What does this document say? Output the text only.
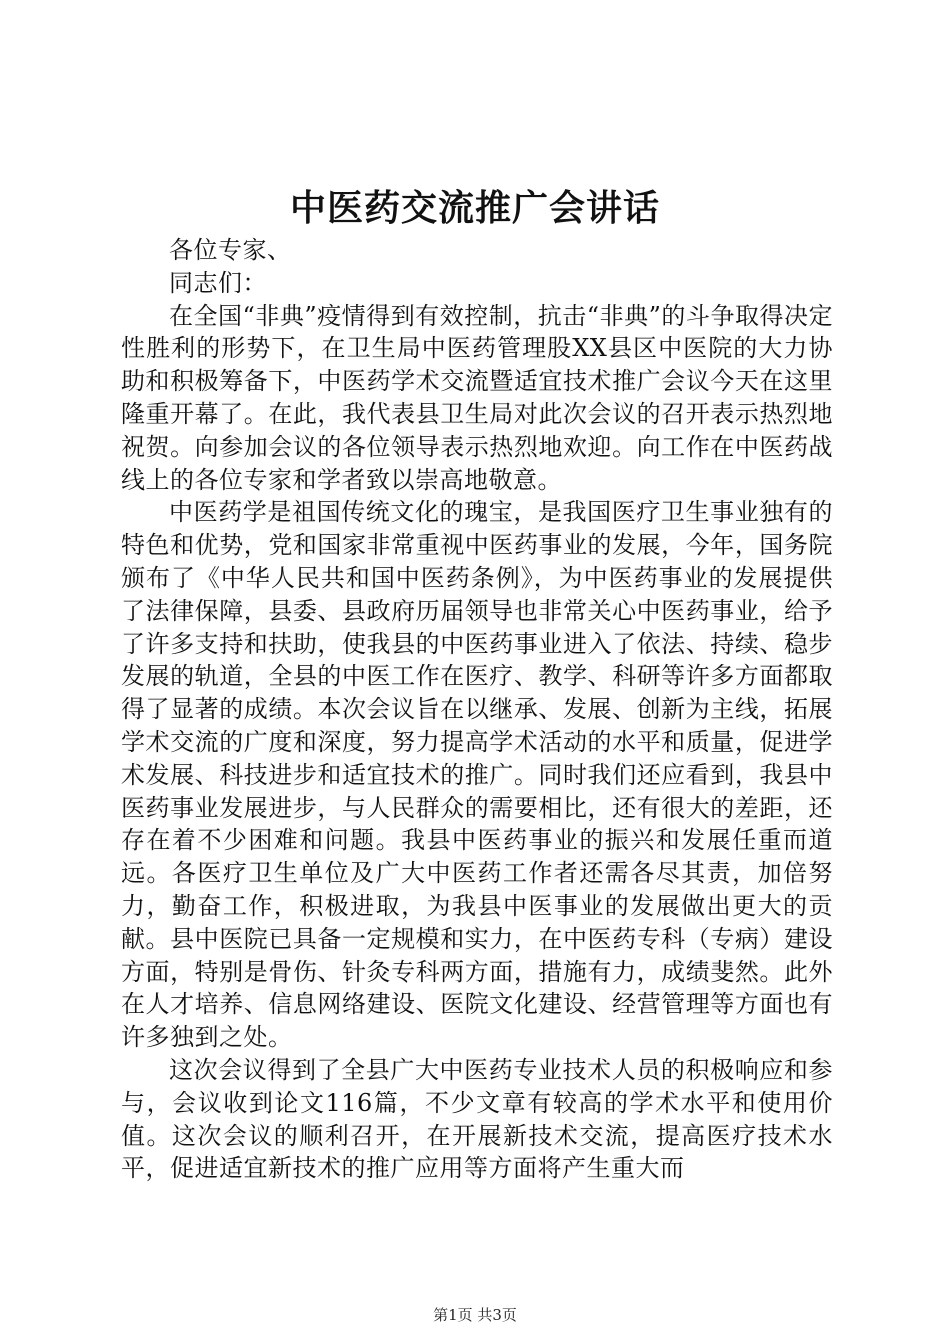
中医药交流推广会讲话

各位专家、

同志们：

在全国“非典”疫情得到有效控制，抗击“非典”的斗争取得决定性胜利的形势下，在卫生局中医药管理股XX县区中医院的大力协助和积极筹备下，中医药学术交流暨适宜技术推广会议今天在这里隆重开幕了。在此，我代表县卫生局对此次会议的召开表示热烈地祝贺。向参加会议的各位领导表示热烈地欢迎。向工作在中医药战线上的各位专家和学者致以崇高地敬意。

中医药学是祖国传统文化的瑰宝，是我国医疗卫生事业独有的特色和优势，党和国家非常重视中医药事业的发展，今年，国务院颁布了《中华人民共和国中医药条例》，为中医药事业的发展提供了法律保障，县委、县政府历届领导也非常关心中医药事业，给予了许多支持和扶助，使我县的中医药事业进入了依法、持续、稳步发展的轨道，全县的中医工作在医疗、教学、科研等许多方面都取得了显著的成绩。本次会议旨在以继承、发展、创新为主线，拓展学术交流的广度和深度，努力提高学术活动的水平和质量，促进学术发展、科技进步和适宜技术的推广。同时我们还应看到，我县中医药事业发展进步，与人民群众的需要相比，还有很大的差距，还存在着不少困难和问题。我县中医药事业的振兴和发展任重而道远。各医疗卫生单位及广大中医药工作者还需各尽其责，加倍努力，勤奋工作，积极进取，为我县中医事业的发展做出更大的贡献。县中医院已具备一定规模和实力，在中医药专科（专病）建设方面，特别是骨伤、针灸专科两方面，措施有力，成绩斐然。此外在人才培养、信息网络建设、医院文化建设、经营管理等方面也有许多独到之处。

这次会议得到了全县广大中医药专业技术人员的积极响应和参与，会议收到论文116篇，不少文章有较高的学术水平和使用价值。这次会议的顺利召开，在开展新技术交流，提高医疗技术水平，促进适宜新技术的推广应用等方面将产生重大而

第1页 共3页
